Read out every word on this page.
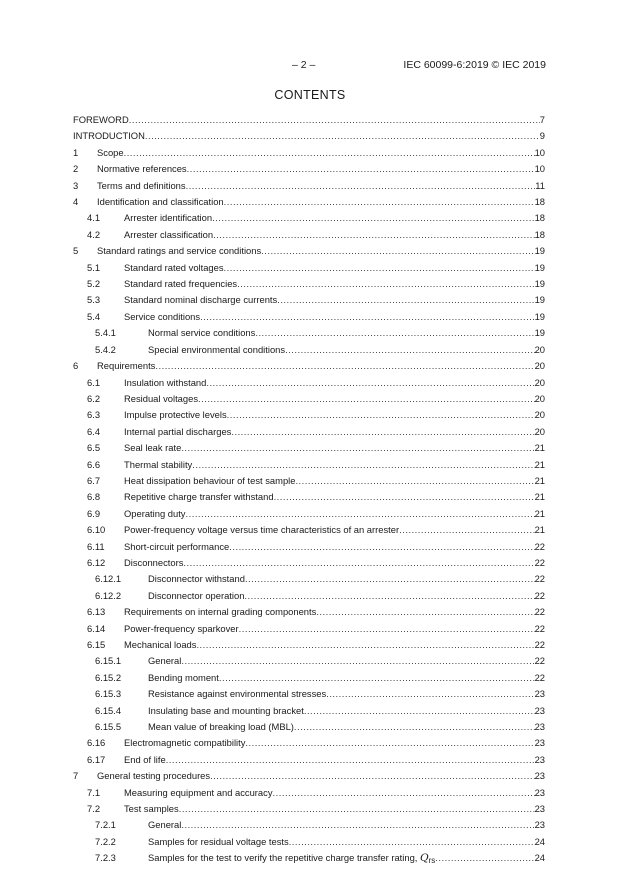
– 2 –	IEC 60099-6:2019 © IEC 2019
CONTENTS
FOREWORD .....	7
INTRODUCTION .....	9
1 Scope .....	10
2 Normative references .....	10
3 Terms and definitions .....	11
4 Identification and classification .....	18
4.1	Arrester identification .....	18
4.2	Arrester classification .....	18
5 Standard ratings and service conditions .....	19
5.1	Standard rated voltages .....	19
5.2	Standard rated frequencies .....	19
5.3	Standard nominal discharge currents .....	19
5.4	Service conditions .....	19
5.4.1	Normal service conditions .....	19
5.4.2	Special environmental conditions .....	20
6 Requirements .....	20
6.1	Insulation withstand .....	20
6.2	Residual voltages .....	20
6.3	Impulse protective levels .....	20
6.4	Internal partial discharges .....	20
6.5	Seal leak rate .....	21
6.6	Thermal stability .....	21
6.7	Heat dissipation behaviour of test sample .....	21
6.8	Repetitive charge transfer withstand .....	21
6.9	Operating duty .....	21
6.10 Power-frequency voltage versus time characteristics of an arrester .....	21
6.11 Short-circuit performance .....	22
6.12 Disconnectors .....	22
6.12.1	Disconnector withstand .....	22
6.12.2	Disconnector operation .....	22
6.13 Requirements on internal grading components .....	22
6.14 Power-frequency sparkover .....	22
6.15 Mechanical loads .....	22
6.15.1	General .....	22
6.15.2	Bending moment .....	22
6.15.3	Resistance against environmental stresses .....	23
6.15.4	Insulating base and mounting bracket .....	23
6.15.5	Mean value of breaking load (MBL) .....	23
6.16 Electromagnetic compatibility .....	23
6.17 End of life .....	23
7 General testing procedures .....	23
7.1	Measuring equipment and accuracy .....	23
7.2	Test samples .....	23
7.2.1	General .....	23
7.2.2	Samples for residual voltage tests .....	24
7.2.3	Samples for the test to verify the repetitive charge transfer rating, Qrs .....	24
